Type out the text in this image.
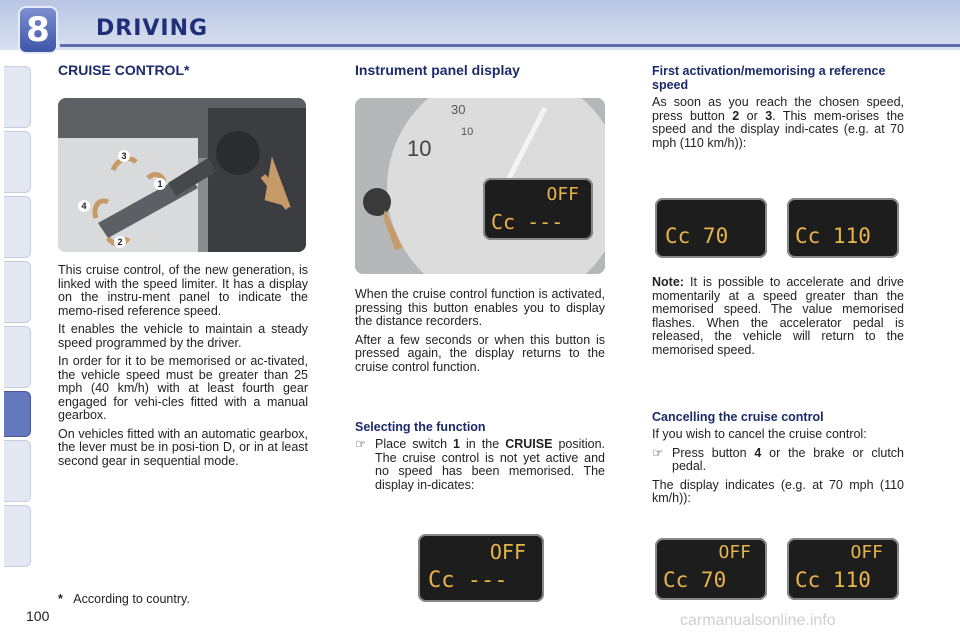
8 DRIVING
CRUISE CONTROL*
3
1
4
2

This cruise control, of the new generation, is linked with the speed limiter. It has a display on the instru-ment panel to indicate the memo-rised reference speed.

It enables the vehicle to maintain a steady speed programmed by the driver.

In order for it to be memorised or ac-tivated, the vehicle speed must be greater than 25 mph (40 km/h) with at least fourth gear engaged for vehi-cles fitted with a manual gearbox.

On vehicles fitted with an automatic gearbox, the lever must be in posi-tion D, or in at least second gear in sequential mode.

Instrument panel display
30
10
10
OFF
Cc ---

When the cruise control function is activated, pressing this button enables you to display the distance recorders.

After a few seconds or when this button is pressed again, the display returns to the cruise control function.

Selecting the function
☞ Place switch 1 in the CRUISE position. The cruise control is not yet active and no speed has been memorised. The display in-dicates:

OFF
Cc ---
First activation/memorising a reference speed

As soon as you reach the chosen speed, press button 2 or 3. This mem-orises the speed and the display indi-cates (e.g. at 70 mph (110 km/h)):

Cc 70	Cc 110

Note: It is possible to accelerate and drive momentarily at a speed greater than the memorised speed. The value memorised flashes. When the accelerator pedal is released, the vehicle will return to the memorised speed.

Cancelling the cruise control

If you wish to cancel the cruise control:

☞ Press button 4 or the brake or clutch pedal.

The display indicates (e.g. at 70 mph (110 km/h)):

OFF
Cc 70
OFF
Cc 110
* According to country.
100	carmanualsonline.info
